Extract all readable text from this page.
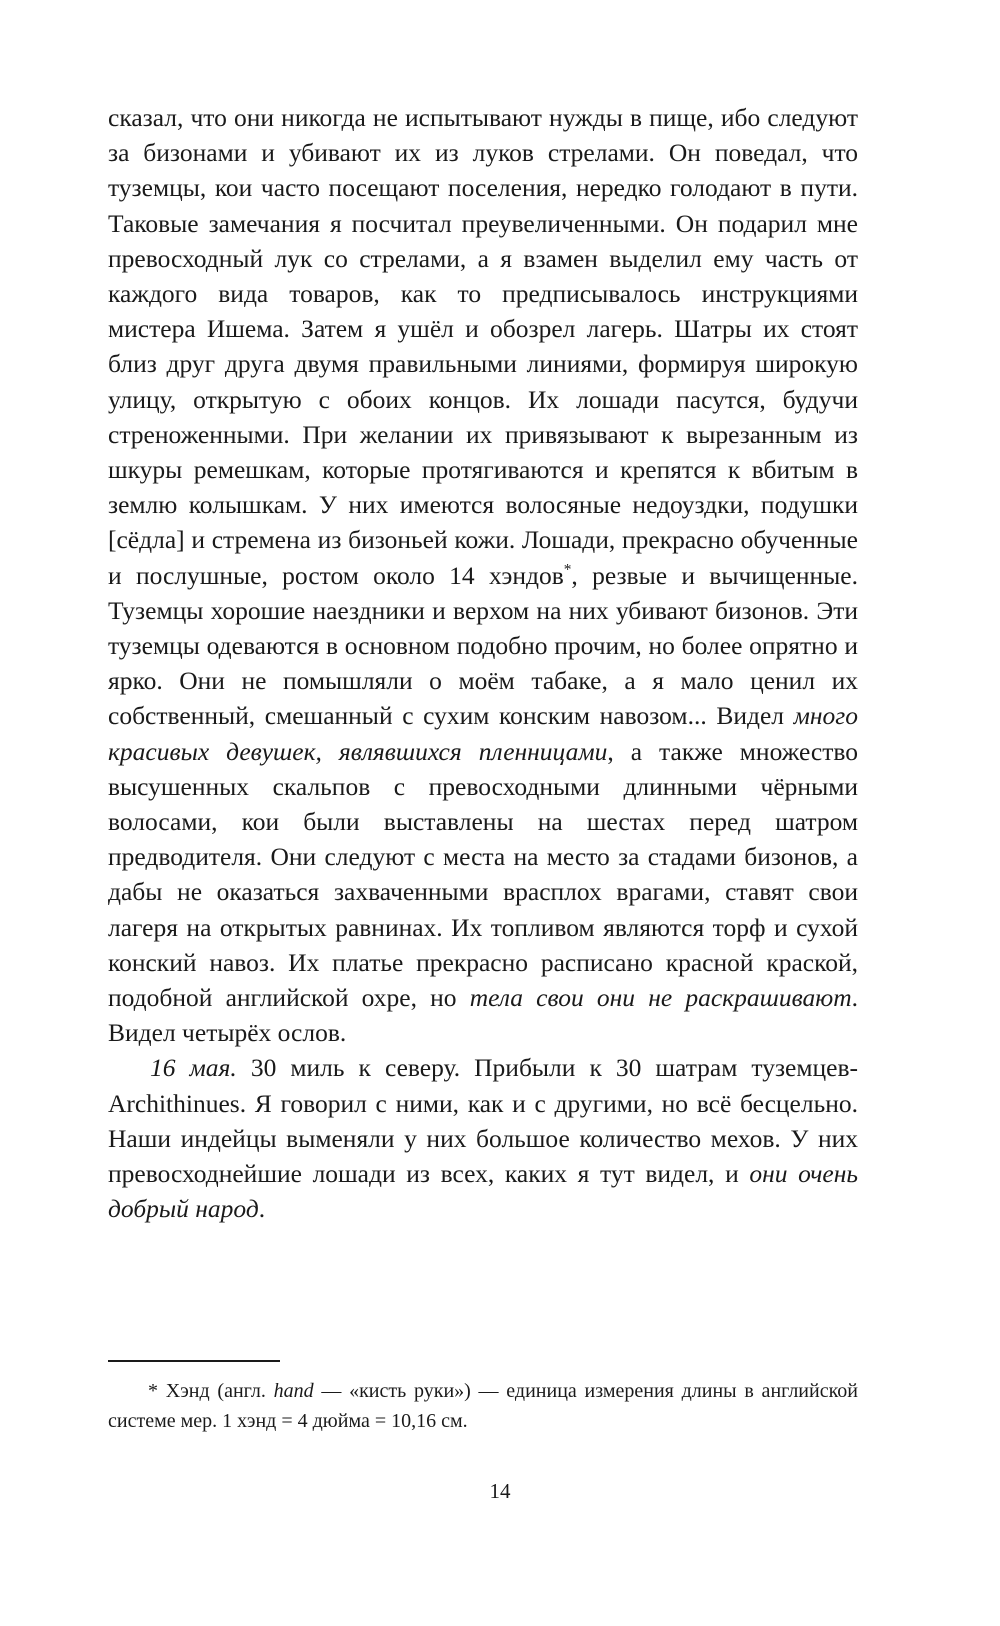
сказал, что они никогда не испытывают нужды в пище, ибо следуют за бизонами и убивают их из луков стрелами. Он поведал, что туземцы, кои часто посещают поселения, нередко голодают в пути. Таковые замечания я посчитал преувеличенными. Он подарил мне превосходный лук со стрелами, а я взамен выделил ему часть от каждого вида товаров, как то предписывалось инструкциями мистера Ишема. Затем я ушёл и обозрел лагерь. Шатры их стоят близ друг друга двумя правильными линиями, формируя широкую улицу, открытую с обоих концов. Их лошади пасутся, будучи стреноженными. При желании их привязывают к вырезанным из шкуры ремешкам, которые протягиваются и крепятся к вбитым в землю колышкам. У них имеются волосяные недоуздки, подушки [сёдла] и стремена из бизоньей кожи. Лошади, прекрасно обученные и послушные, ростом около 14 хэндов*, резвые и вычищенные. Туземцы хорошие наездники и верхом на них убивают бизонов. Эти туземцы одеваются в основном подобно прочим, но более опрятно и ярко. Они не помышляли о моём табаке, а я мало ценил их собственный, смешанный с сухим конским навозом... Видел много красивых девушек, являвшихся пленницами, а также множество высушенных скальпов с превосходными длинными чёрными волосами, кои были выставлены на шестах перед шатром предводителя. Они следуют с места на место за стадами бизонов, а дабы не оказаться захваченными врасплох врагами, ставят свои лагеря на открытых равнинах. Их топливом являются торф и сухой конский навоз. Их платье прекрасно расписано красной краской, подобной английской охре, но тела свои они не раскрашивают. Видел четырёх ослов.

16 мая. 30 миль к северу. Прибыли к 30 шатрам туземцев-Archithinues. Я говорил с ними, как и с другими, но всё бесцельно. Наши индейцы выменяли у них большое количество мехов. У них превосходнейшие лошади из всех, каких я тут видел, и они очень добрый народ.

* Хэнд (англ. hand — «кисть руки») — единица измерения длины в английской системе мер. 1 хэнд = 4 дюйма = 10,16 см.

14
